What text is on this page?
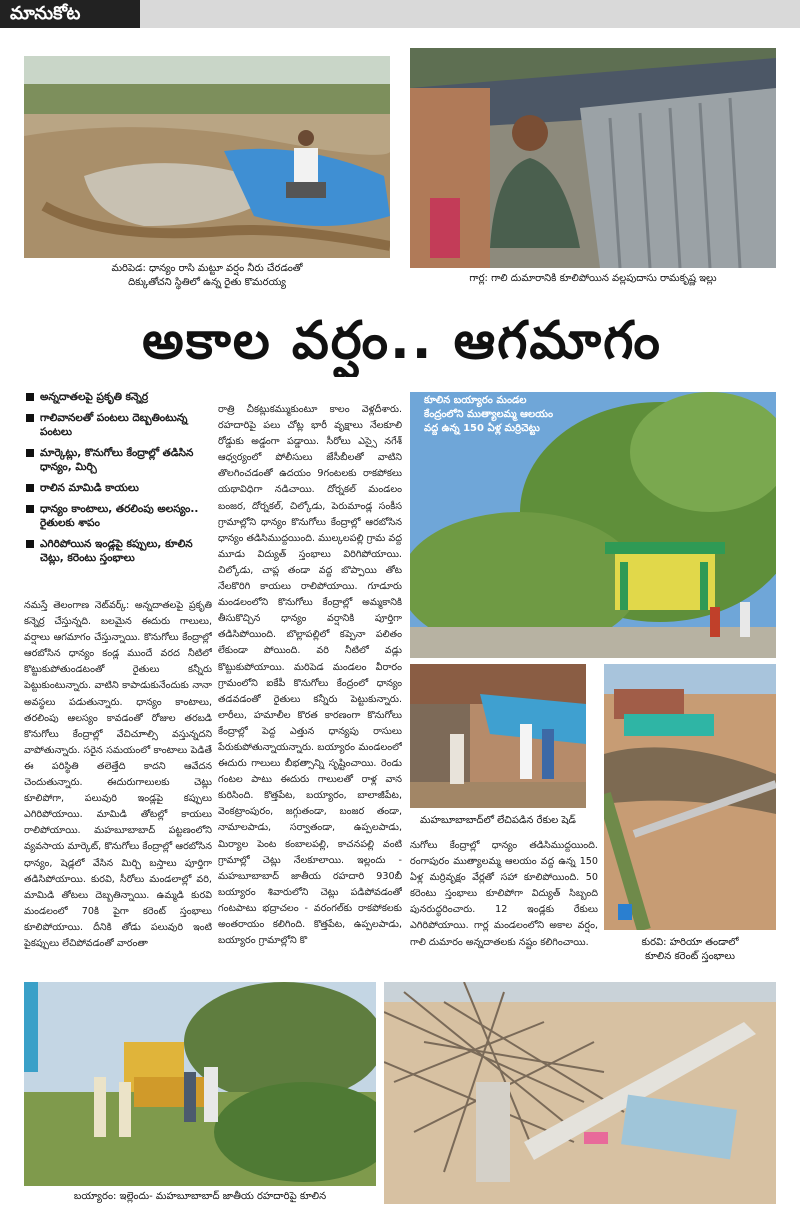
మానుకోట
మరిపెడ: ధాన్యం రాసి మట్టూ వర్షం నీరు చేరడంతో
దిక్కుతోచని స్థితిలో ఉన్న రైతు కొమరయ్య	గార్ల: గాలి దుమారానికి కూలిపోయిన వల్లపుదాసు రామకృష్ణ ఇల్లు
అకాల వర్షం.. ఆగమాగం
అన్నదాతలపై ప్రకృతి కన్నెర్ర
గాలివానలతో పంటలు దెబ్బతింటున్న పంటలు
మార్కెట్లు, కొనుగోలు కేంద్రాల్లో తడిసిన ధాన్యం, మిర్చి
రాలిన మామిడి కాయలు
ధాన్యం కాంటాలు, తరలింపు అలస్యం.. రైతులకు శాపం
ఎగిరిపోయిన ఇండ్లపై కప్పులు, కూలిన చెట్లు, కరెంటు స్తంభాలు
నమస్తే తెలంగాణ నెట్‌వర్క్: అన్నదాతలపై ప్రకృతి కన్నెర్ర చేస్తున్నది. బలమైన ఈదురు గాలులు, వర్షాలు ఆగమాగం చేస్తున్నాయి. కొనుగోలు కేంద్రాల్లో ఆరబోసిన ధాన్యం కండ్ల ముందే వరద నీటిలో కొట్టుకుపోతుండటంతో రైతులు కన్నీరు పెట్టుకుంటున్నారు. వాటిని కాపాడుకునేందుకు నానా అవస్థలు పడుతున్నారు. ధాన్యం కాంటాలు, తరలింపు ఆలస్యం కావడంతో రోజుల తరబడి కొనుగోలు కేంద్రాల్లో వేచిచూాల్సి వస్తున్నదని వాపోతున్నారు. సరైన సమయంలో కాంటాలు పెడితే ఈ పరిస్థితి తలెత్తేది కాదని ఆవేదన చెందుతున్నారు. ఈదురుగాలులకు చెట్లు కూలిపోగా, పలువురి ఇండ్లపై కప్పులు ఎగిరిపోయాయి. మామిడి తోటల్లో కాయలు రాలిపోయాయి. మహబూబాబాద్ పట్టణంలోని వ్యవసాయ మార్కెట్, కొనుగోలు కేంద్రాల్లో ఆరబోసిన ధాన్యం, షెడ్లలో వేసిన మిర్చి బస్తాలు పూర్తిగా తడిసిపోయాయి. కురవి, సీరోలు మండలాల్లో వరి, మామిడి తోటలు దెబ్బతిన్నాయి. ఉమ్మడి కురవి మండలంలో 70కి పైగా కరెంట్ స్తంభాలు కూలిపోయాయి. దీనికి తోడు పలువురి ఇంటి పైకప్పులు లేచిపోవడంతో వారంతా
రాత్రి చీకట్లుకమ్ముకుంటూ కాలం వెళ్లదీశారు. రహదారిపై పలు చోట్ల భారీ వృక్షాలు నేలకూలి రోడ్డుకు అడ్డంగా పడ్డాయి. సీరోలు ఎస్సై నగేశ్ ఆధ్వర్యంలో పోలీసులు జేసీబీలతో వాటిని తొలగించడంతో ఉదయం 9గంటలకు రాకపోకలు యథావిధిగా నడిచాయి. దోర్నకల్ మండలం బంజర, దోర్నకల్, చిల్కోడు, పెరుమాండ్ల సంకీస గ్రామాల్లోని ధాన్యం కొనుగోలు కేంద్రాల్లో ఆరబోసిన ధాన్యం తడిసిముద్దయింది. ముల్కలపల్లి గ్రామ వద్ద మూడు విద్యుత్ స్తంభాలు విరిగిపోయాయి. చిల్కోడు, చాప్ల తండా వద్ద బొప్పాయి తోట నేలకొరిగి కాయలు రాలిపోయాయి. గూడూరు మండలంలోని కొనుగోలు కేంద్రాల్లో అమ్మకానికి తీసుకొచ్చిన ధాన్యం వర్షానికి పూర్తిగా తడిసిపోయింది. బొల్లాపల్లిలో కప్పెనా పలితం లేకుండా పోయింది. వరి నీటిలో వడ్లు కొట్టుకుపోయాయి. మరిపెడ మండలం వీరారం గ్రామంలోని ఐకేపీ కొనుగోలు కేంద్రంలో ధాన్యం తడవడంతో రైతులు కన్నీరు పెట్టుకున్నారు. లారీలు, హమాలీల కొరత కారణంగా కొనుగోలు కేంద్రాల్లో పెద్ద ఎత్తున ధాన్యపు రాసులు పేరుకుపోతున్నాయన్నారు. బయ్యారం మండలంలో ఈదురు గాలులు బీభత్సాన్ని సృష్టించాయి. రెండు గంటల పాటు ఈదురు గాలులతో రాళ్ల వాన కురిసింది. కొత్తపేట, బయ్యారం, బాలాజీపేట, వెంకట్రాంపురం, జగ్గుతండా, బంజర తండా, నామాలపాడు, సర్వాతండా, ఉప్పలపాడు, మిర్యాల పెంట కంబాలపల్లి, కాచనపల్లి వంటి గ్రామాల్లో చెట్లు నేలకూలాయి. ఇల్లందు - మహబూబాబాద్ జాతీయ రహదారి 930బీ బయ్యారం శివారులోని చెట్లు పడిపోవడంతో గంటపాటు భద్రాచలం - వరంగల్‌కు రాకపోకలకు అంతరాయం కలిగింది. కొత్తపేట, ఉప్పలపాడు, బయ్యారం గ్రామాల్లోని కొ
కూలిన బయ్యారం మండల
కేంద్రంలోని ముత్యాలమ్మ ఆలయం
వద్ద ఉన్న 150 ఏళ్ల మర్రిచెట్టు
మహబూబాబాద్‌లో లేచిపడిన రేకుల షెడ్
కురవి: హరియా తండాలో
కూలిన కరెంట్ స్తంభాలు
నుగోలు కేంద్రాల్లో ధాన్యం తడిసిముద్దయింది. రంగాపురం ముత్యాలమ్మ ఆలయం వద్ద ఉన్న 150 ఏళ్ల మర్రివృక్షం వేర్లతో సహా కూలిపోయింది. 50 కరెంటు స్తంభాలు కూలిపోగా విద్యుత్ సిబ్బంది పునరుద్ధరించారు. 12 ఇండ్లకు రేకులు ఎగిరిపోయాయి. గార్ల మండలంలోని అకాల వర్షం, గాలి దుమారం అన్నదాతలకు నష్టం కలిగించాయి.
బయ్యారం: ఇల్లెందు- మహబూబాబాద్ జాతీయ రహదారిపై కూలిన
